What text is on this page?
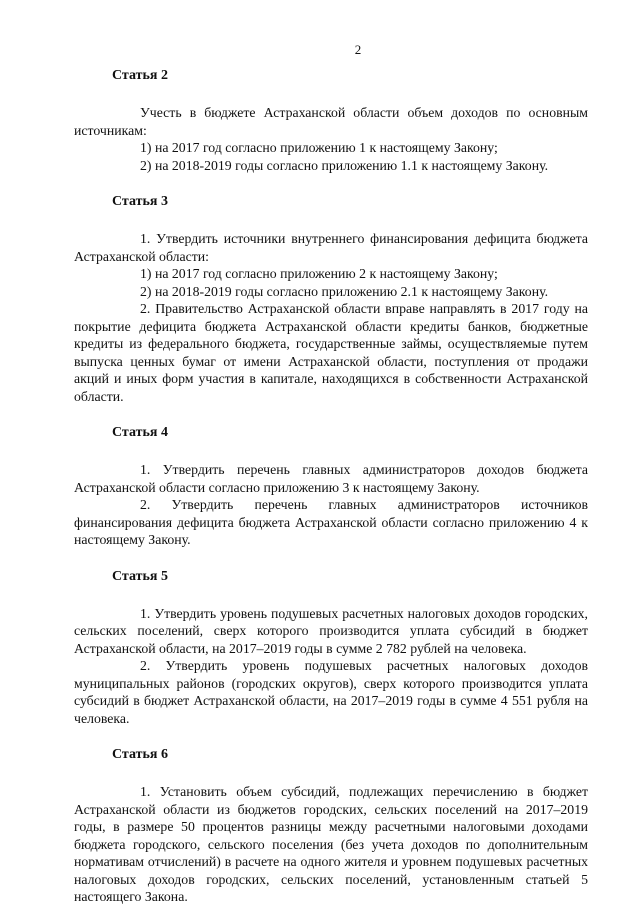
2
Статья 2

Учесть в бюджете Астраханской области объем доходов по основным источникам:

1) на 2017 год согласно приложению 1 к настоящему Закону;

2) на 2018-2019 годы согласно приложению 1.1 к настоящему Закону.

Статья 3

1. Утвердить источники внутреннего финансирования дефицита бюджета Астраханской области:

1) на 2017 год согласно приложению 2 к настоящему Закону;

2) на 2018-2019 годы согласно приложению 2.1 к настоящему Закону.

2. Правительство Астраханской области вправе направлять в 2017 году на покрытие дефицита бюджета Астраханской области кредиты банков, бюджетные кредиты из федерального бюджета, государственные займы, осуществляемые путем выпуска ценных бумаг от имени Астраханской области, поступления от продажи акций и иных форм участия в капитале, находящихся в собственности Астраханской области.

Статья 4

1. Утвердить перечень главных администраторов доходов бюджета Астраханской области согласно приложению 3 к настоящему Закону.

2. Утвердить перечень главных администраторов источников финансирования дефицита бюджета Астраханской области согласно приложению 4 к настоящему Закону.

Статья 5

1. Утвердить уровень подушевых расчетных налоговых доходов городских, сельских поселений, сверх которого производится уплата субсидий в бюджет Астраханской области, на 2017–2019 годы в сумме 2 782 рублей на человека.

2. Утвердить уровень подушевых расчетных налоговых доходов муниципальных районов (городских округов), сверх которого производится уплата субсидий в бюджет Астраханской области, на 2017–2019 годы в сумме 4 551 рубля на человека.

Статья 6

1. Установить объем субсидий, подлежащих перечислению в бюджет Астраханской области из бюджетов городских, сельских поселений на 2017–2019 годы, в размере 50 процентов разницы между расчетными налоговыми доходами бюджета городского, сельского поселения (без учета доходов по дополнительным нормативам отчислений) в расчете на одного жителя и уровнем подушевых расчетных налоговых доходов городских, сельских поселений, установленным статьей 5 настоящего Закона.
